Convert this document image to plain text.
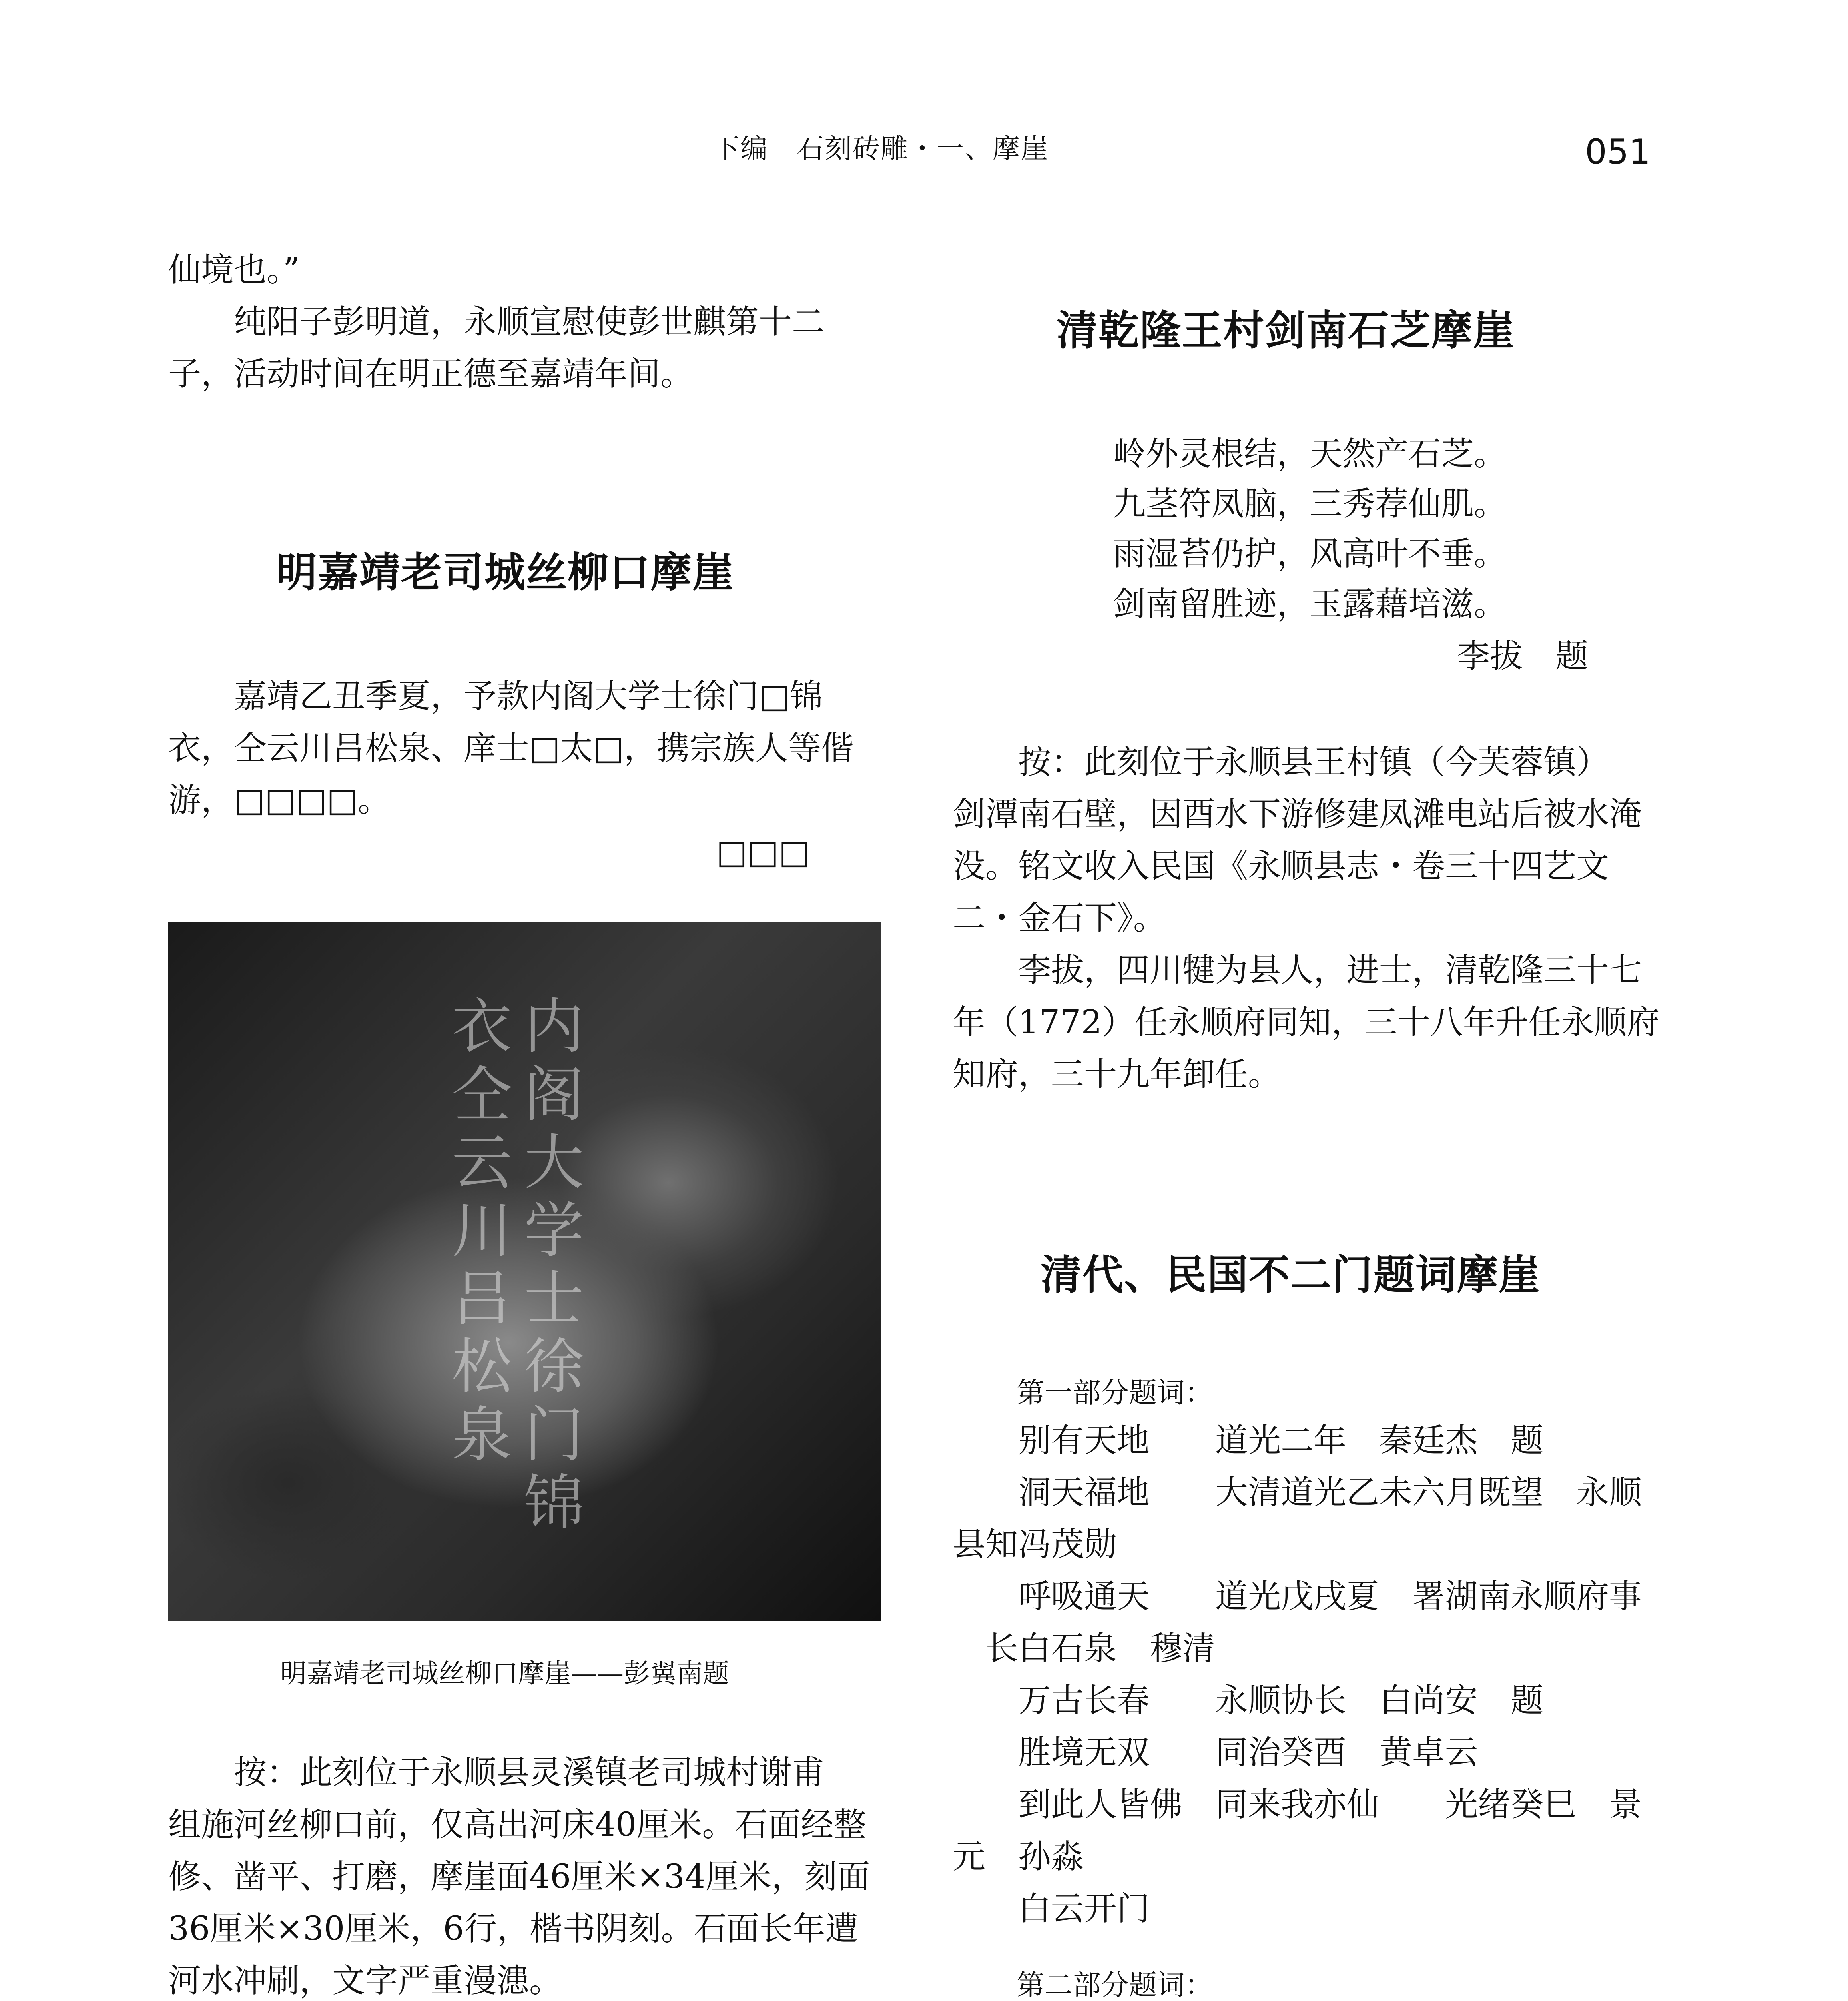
下编　石刻砖雕・一、摩崖	051
仙境也。”
　　纯阳子彭明道，永顺宣慰使彭世麒第十二
子，活动时间在明正德至嘉靖年间。
明嘉靖老司城丝柳口摩崖
　　嘉靖乙丑季夏，予款内阁大学士徐门□锦
衣，仝云川吕松泉、庠士□太□，携宗族人等偕
游，□□□□。
□□□
内阁大学士徐门锦衣仝云川吕松泉
明嘉靖老司城丝柳口摩崖——彭翼南题
　　按：此刻位于永顺县灵溪镇老司城村谢甫
组施河丝柳口前，仅高出河床40厘米。石面经整
修、凿平、打磨，摩崖面46厘米×34厘米，刻面
36厘米×30厘米，6行，楷书阴刻。石面长年遭
河水冲刷，文字严重漫漶。
清乾隆王村剑南石芝摩崖
岭外灵根结，天然产石芝。
九茎符凤脑，三秀荐仙肌。
雨湿苔仍护，风高叶不垂。
剑南留胜迹，玉露藉培滋。
李拔　题
　　按：此刻位于永顺县王村镇（今芙蓉镇）
剑潭南石壁，因酉水下游修建凤滩电站后被水淹
没。铭文收入民国《永顺县志・卷三十四艺文
二・金石下》。
　　李拔，四川犍为县人，进士，清乾隆三十七
年（1772）任永顺府同知，三十八年升任永顺府
知府，三十九年卸任。
清代、民国不二门题词摩崖
第一部分题词：
　　别有天地　　道光二年　秦廷杰　题
　　洞天福地　　大清道光乙未六月既望　永顺
县知冯茂勋
　　呼吸通天　　道光戊戌夏　署湖南永顺府事
　长白石泉　穆清
　　万古长春　　永顺协长　白尚安　题
　　胜境无双　　同治癸酉　黄卓云
　　到此人皆佛　同来我亦仙　　光绪癸巳　景
元　孙淼
　　白云开门
第二部分题词：
